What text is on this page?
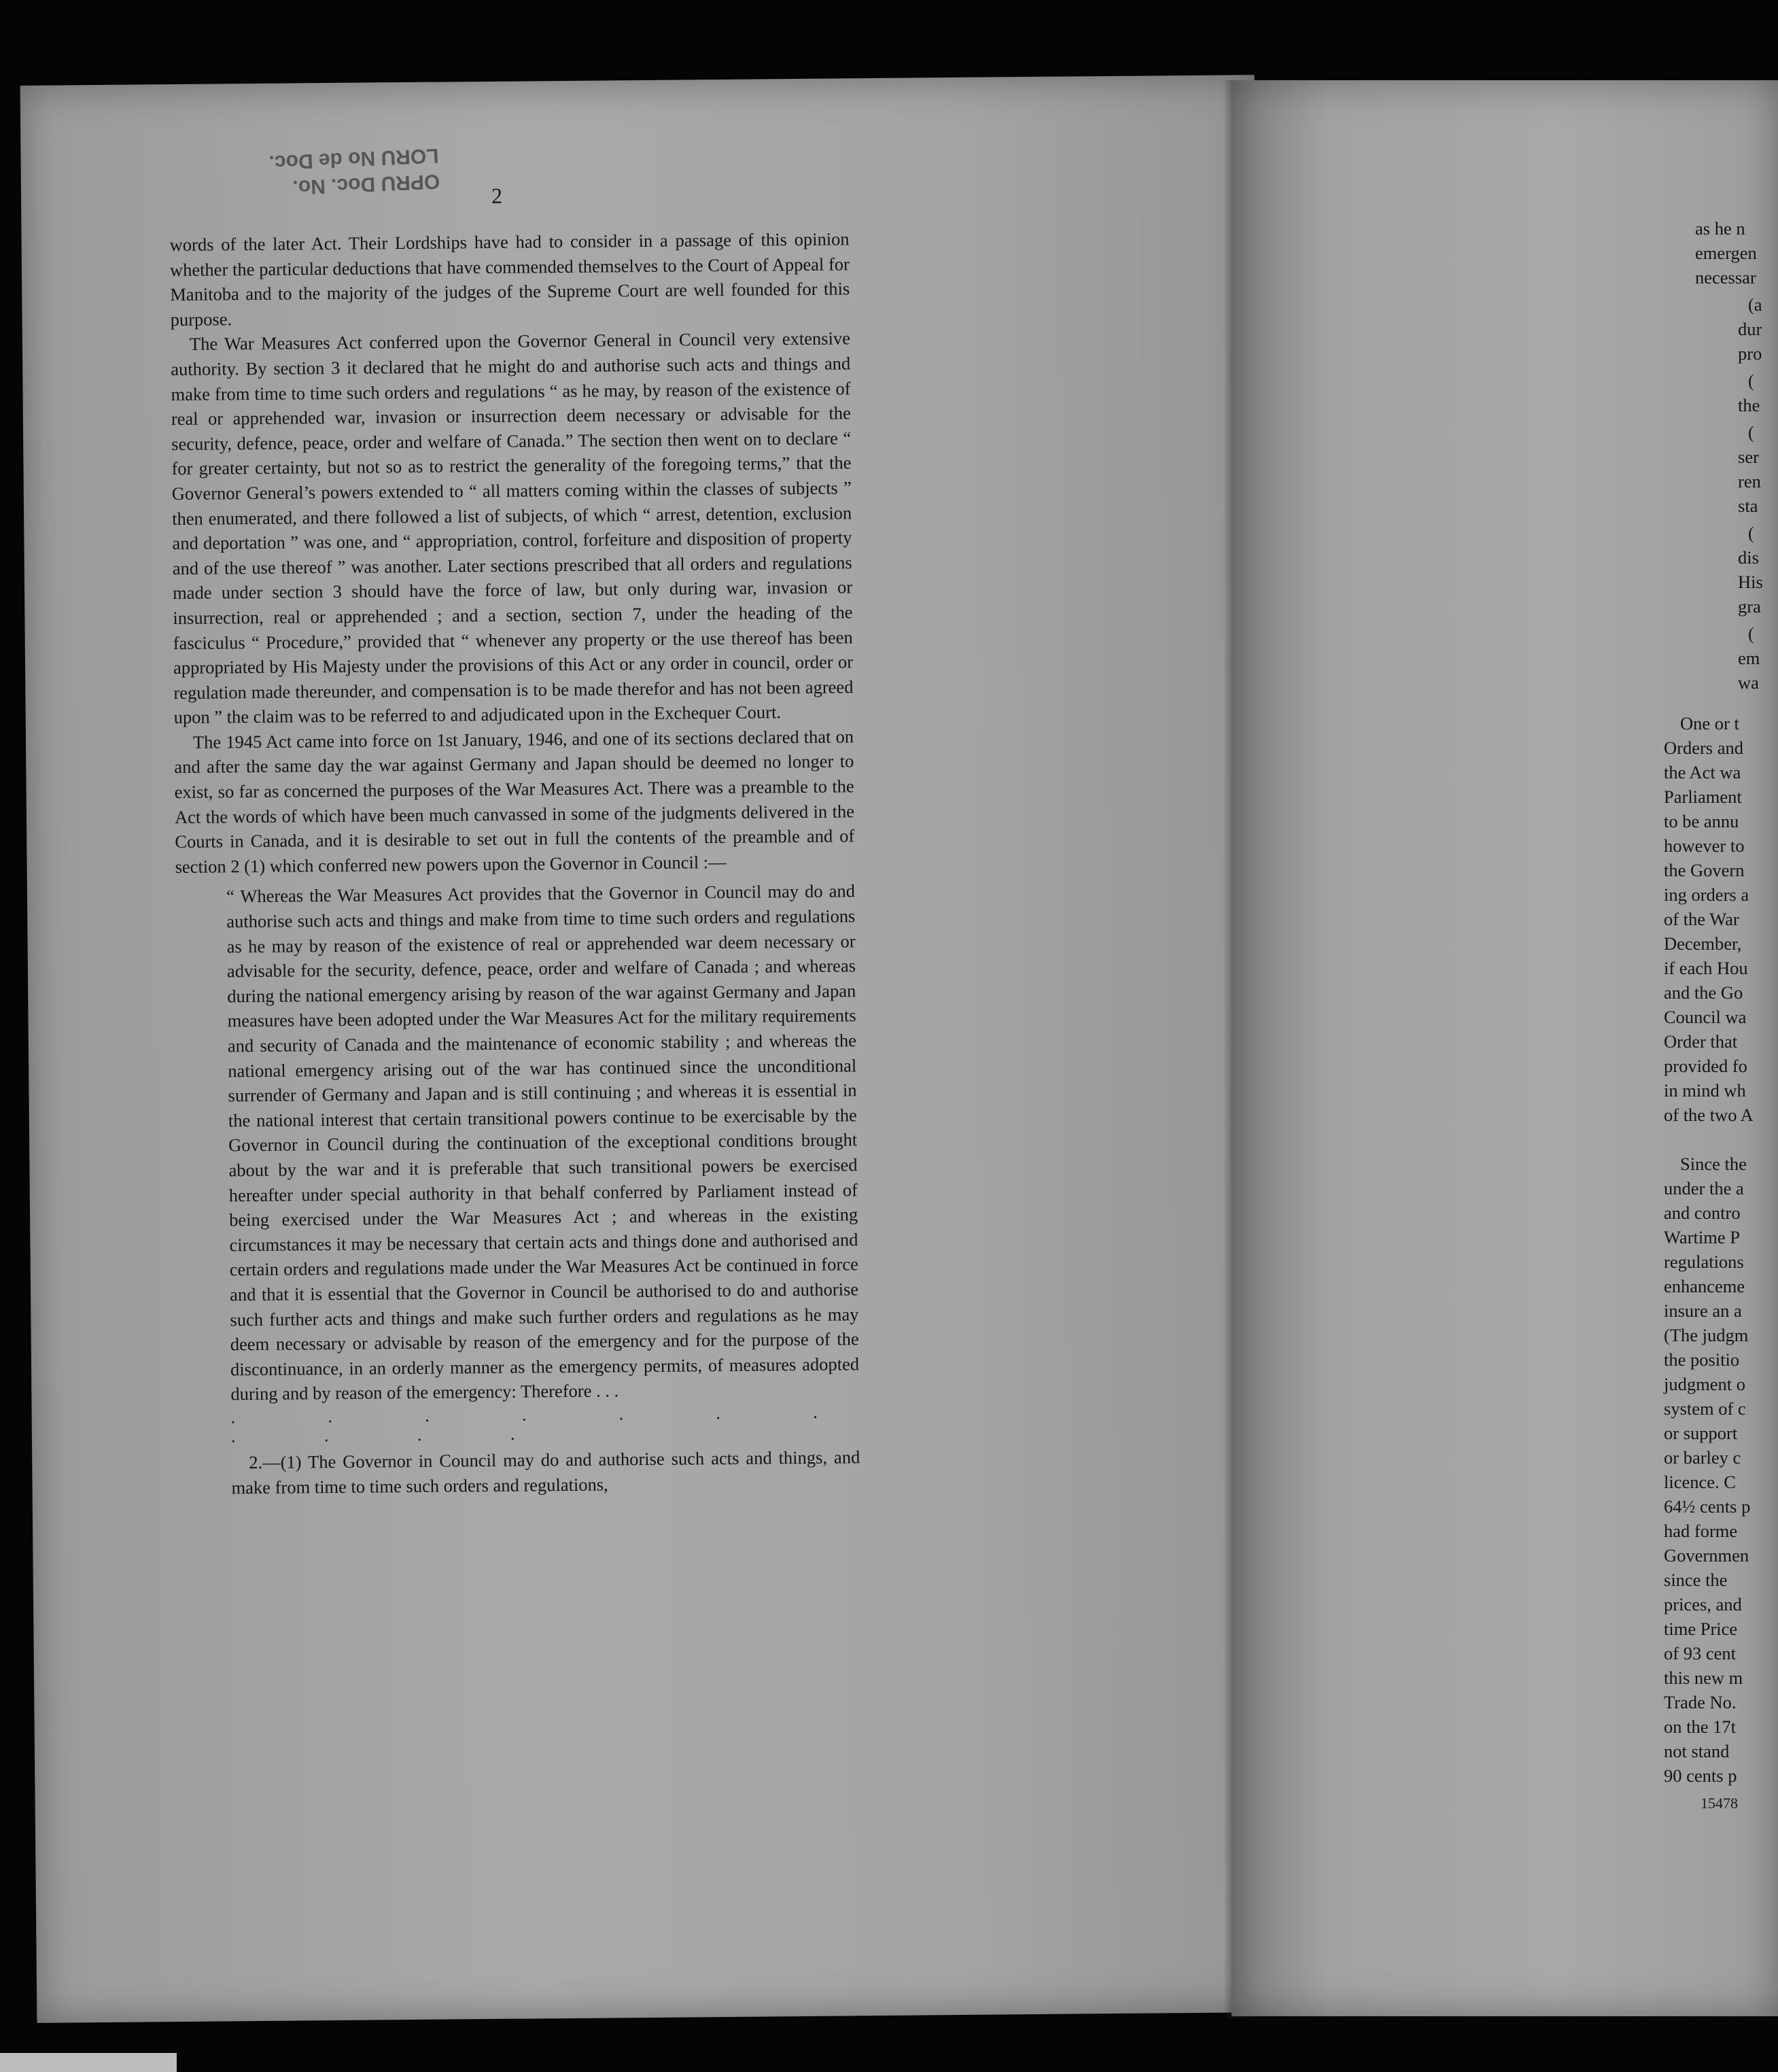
OPRU Doc. No.
LORU No de Doc.
2

words of the later Act. Their Lordships have had to consider in a passage of this opinion whether the particular deductions that have commended themselves to the Court of Appeal for Manitoba and to the majority of the judges of the Supreme Court are well founded for this purpose.

The War Measures Act conferred upon the Governor General in Council very extensive authority. By section 3 it declared that he might do and authorise such acts and things and make from time to time such orders and regulations “ as he may, by reason of the existence of real or apprehended war, invasion or insurrection deem necessary or advisable for the security, defence, peace, order and welfare of Canada.” The section then went on to declare “ for greater certainty, but not so as to restrict the generality of the foregoing terms,” that the Governor General’s powers extended to “ all matters coming within the classes of subjects ” then enumerated, and there followed a list of subjects, of which “ arrest, detention, exclusion and deportation ” was one, and “ appropriation, control, forfeiture and disposition of property and of the use thereof ” was another. Later sections prescribed that all orders and regulations made under section 3 should have the force of law, but only during war, invasion or insurrection, real or apprehended ; and a section, section 7, under the heading of the fasciculus “ Procedure,” provided that “ whenever any property or the use thereof has been appropriated by His Majesty under the provisions of this Act or any order in council, order or regulation made thereunder, and compensation is to be made therefor and has not been agreed upon ” the claim was to be referred to and adjudicated upon in the Exchequer Court.

The 1945 Act came into force on 1st January, 1946, and one of its sections declared that on and after the same day the war against Germany and Japan should be deemed no longer to exist, so far as concerned the purposes of the War Measures Act. There was a preamble to the Act the words of which have been much canvassed in some of the judgments delivered in the Courts in Canada, and it is desirable to set out in full the contents of the preamble and of section 2 (1) which conferred new powers upon the Governor in Council :—

“ Whereas the War Measures Act provides that the Governor in Council may do and authorise such acts and things and make from time to time such orders and regulations as he may by reason of the existence of real or apprehended war deem necessary or advisable for the security, defence, peace, order and welfare of Canada ; and whereas during the national emergency arising by reason of the war against Germany and Japan measures have been adopted under the War Measures Act for the military requirements and security of Canada and the maintenance of economic stability ; and whereas the national emergency arising out of the war has continued since the unconditional surrender of Germany and Japan and is still continuing ; and whereas it is essential in the national interest that certain transitional powers continue to be exercisable by the Governor in Council during the continuation of the exceptional conditions brought about by the war and it is preferable that such transitional powers be exercised hereafter under special authority in that behalf conferred by Parliament instead of being exercised under the War Measures Act ; and whereas in the existing circumstances it may be necessary that certain acts and things done and authorised and certain orders and regulations made under the War Measures Act be continued in force and that it is essential that the Governor in Council be authorised to do and authorise such further acts and things and make such further orders and regulations as he may deem necessary or advisable by reason of the emergency and for the purpose of the discontinuance, in an orderly manner as the emergency permits, of measures adopted during and by reason of the emergency: Therefore . . .

. . . . . . . . . . .

2.—(1) The Governor in Council may do and authorise such acts and things, and make from time to time such orders and regulations,

as he n
emergen
necessar
(a
dur
pro
(
the
(
ser
ren
sta
(
dis
His
gra
(
em
wa
One or t
Orders and
the Act wa
Parliament
to be annu
however to
the Govern
ing orders a
of the War
December,
if each Hou
and the Go
Council wa
Order that
provided fo
in mind wh
of the two A
Since the
under the a
and contro
Wartime P
regulations
enhanceme
insure an a
(The judgm
the positio
judgment o
system of c
or support
or barley c
licence. C
64½ cents p
had forme
Governmen
since the
prices, and
time Price
of 93 cent
this new m
Trade No.
on the 17t
not stand
90 cents p
15478
